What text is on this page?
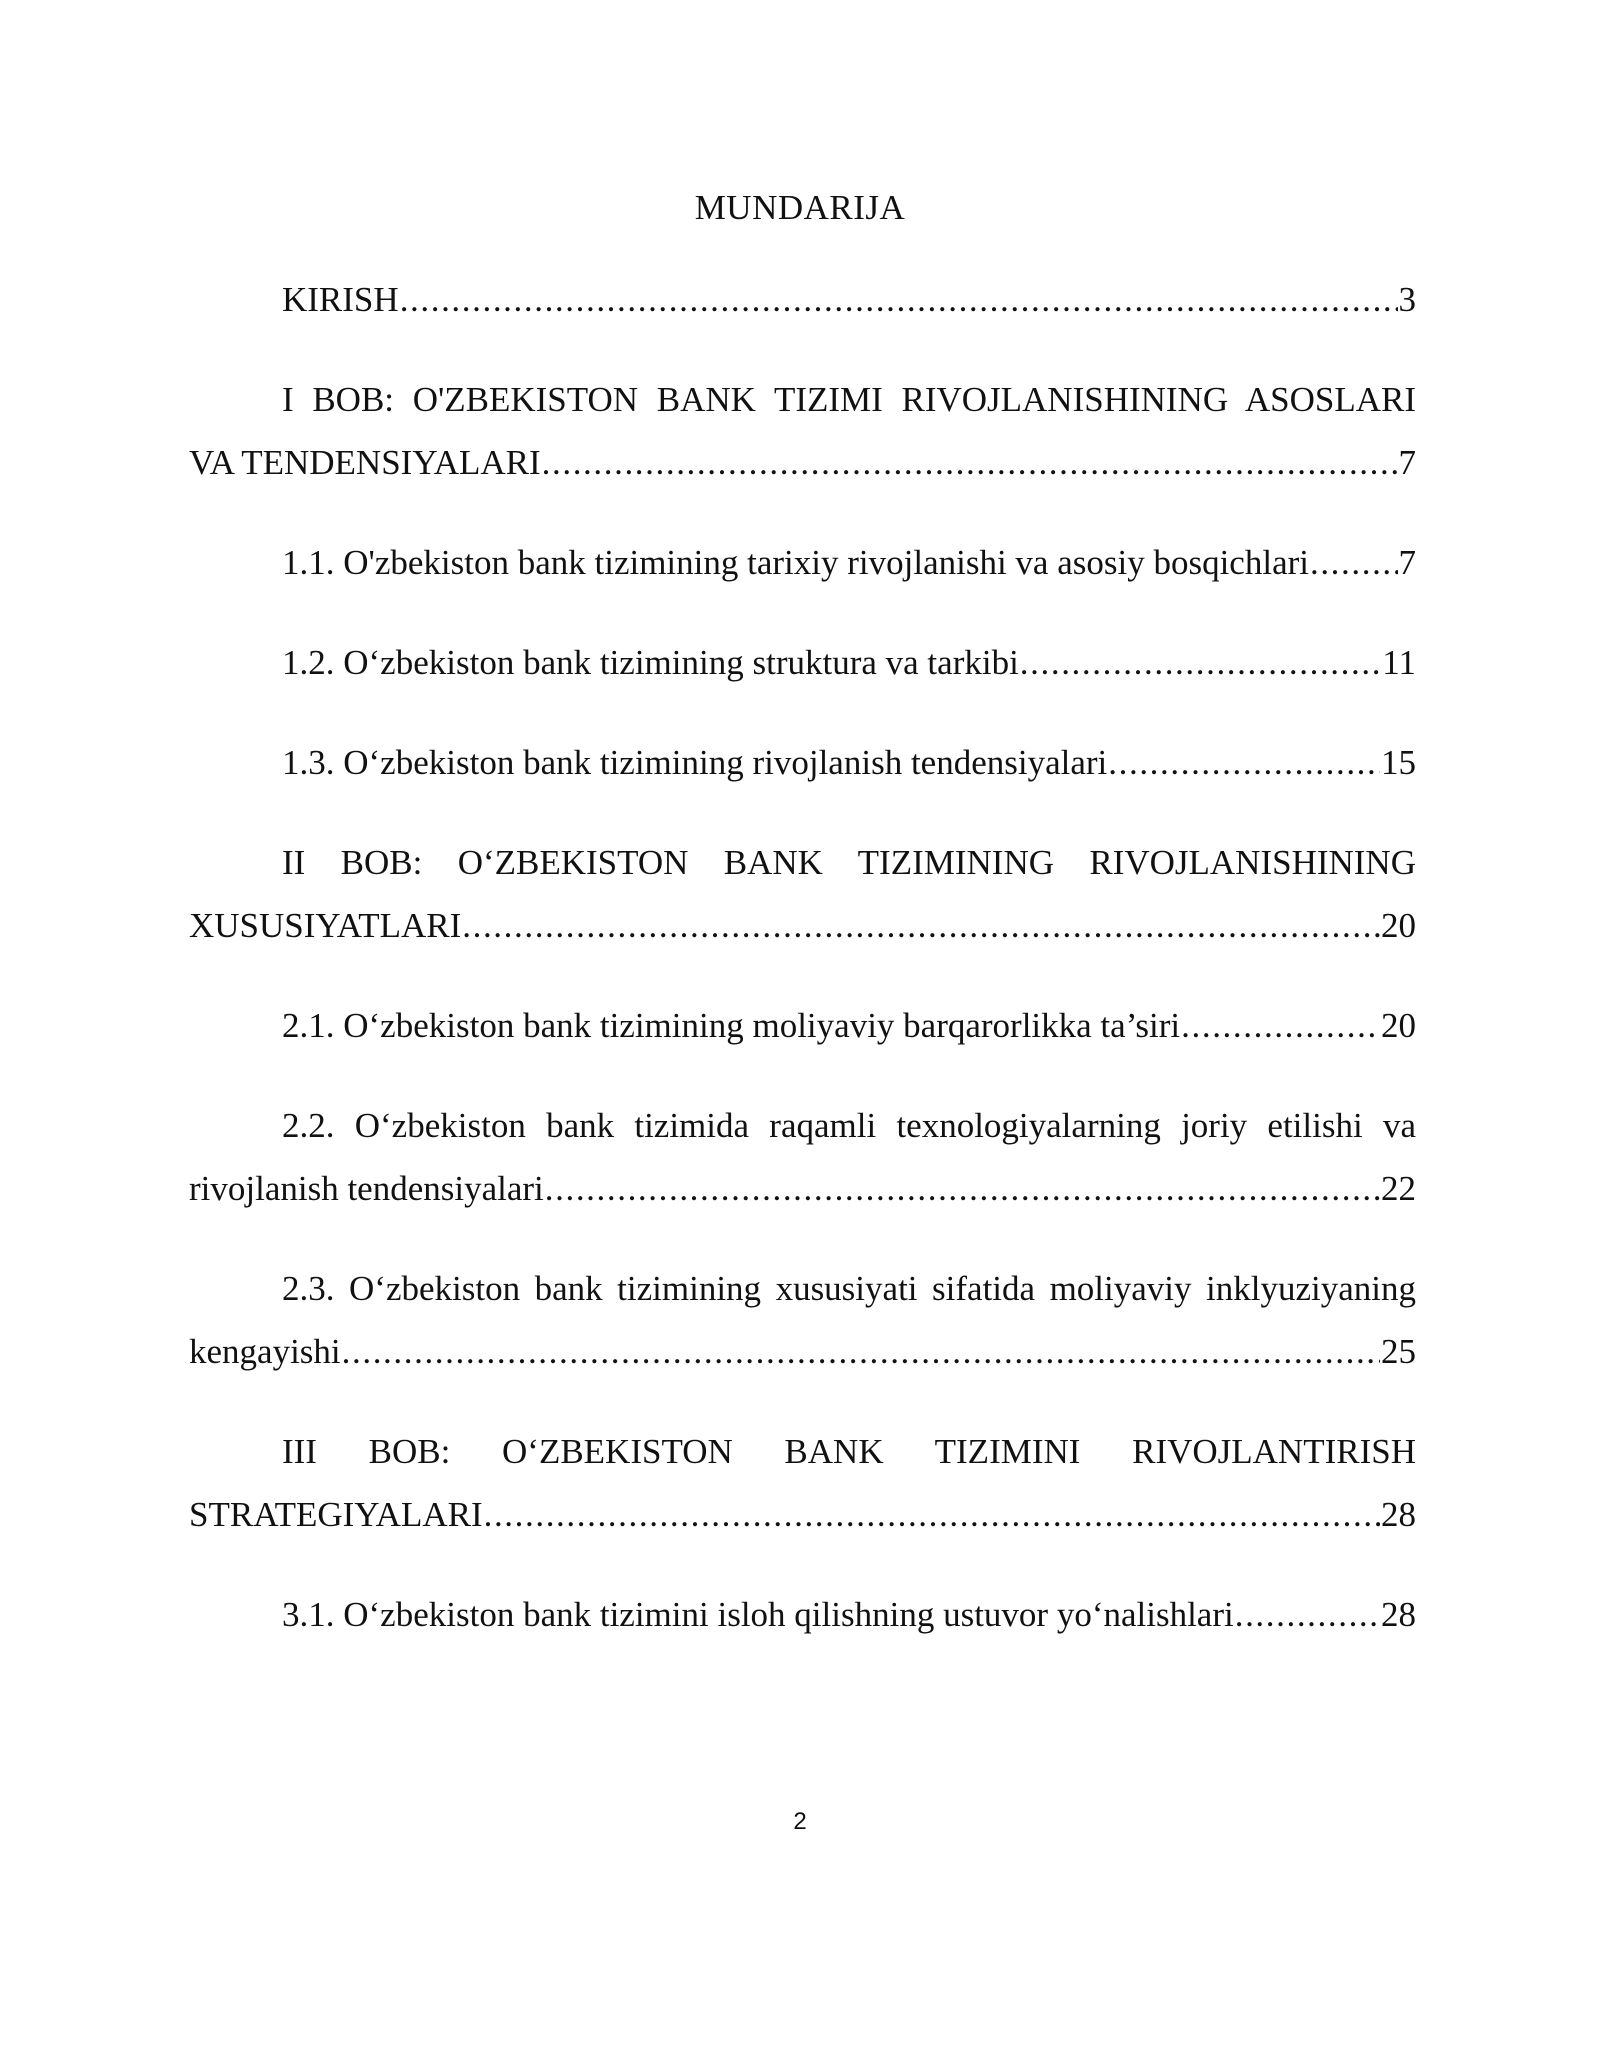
MUNDARIJA
KIRISH .....	3
I BOB: O'ZBEKISTON BANK TIZIMI RIVOJLANISHINING ASOSLARI
VA TENDENSIYALARI .....	7
1.1. O'zbekiston bank tizimining tarixiy rivojlanishi va asosiy bosqichlari .....	7
1.2. O‘zbekiston bank tizimining struktura va tarkibi .....	11
1.3. O‘zbekiston bank tizimining rivojlanish tendensiyalari .....	15
II BOB: O‘ZBEKISTON BANK TIZIMINING RIVOJLANISHINING
XUSUSIYATLARI .....	20
2.1. O‘zbekiston bank tizimining moliyaviy barqarorlikka ta’siri .....	20
2.2. O‘zbekiston bank tizimida raqamli texnologiyalarning joriy etilishi va
rivojlanish tendensiyalari .....	22
2.3. O‘zbekiston bank tizimining xususiyati sifatida moliyaviy inklyuziyaning
kengayishi .....	25
III BOB: O‘ZBEKISTON BANK TIZIMINI RIVOJLANTIRISH
STRATEGIYALARI .....	28
3.1. O‘zbekiston bank tizimini isloh qilishning ustuvor yo‘nalishlari .....	28
2
